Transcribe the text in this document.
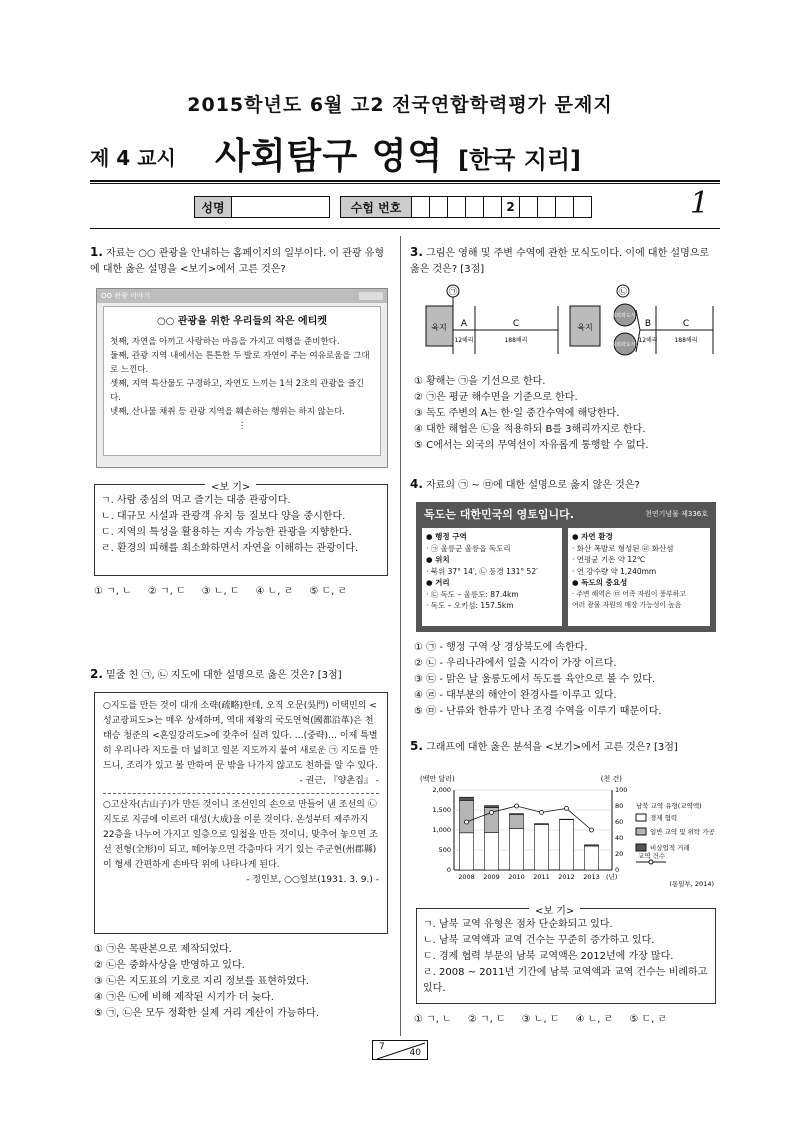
2015학년도 6월 고2 전국연합학력평가 문제지
제 4 교시 사회탐구 영역 [한국 지리]
성명	수험 번호	2	1
1. 자료는 ○○ 관광을 안내하는 홈페이지의 일부이다. 이 관광 유형에 대한 옳은 설명을 <보기>에서 고른 것은?
OO 관광 이야기
○○ 관광을 위한 우리들의 작은 에티켓
첫째, 자연을 아끼고 사랑하는 마음을 가지고 여행을 준비한다.
둘째, 관광 지역 내에서는 튼튼한 두 발로 자연이 주는 여유로움을 그대로 느낀다.
셋째, 지역 특산물도 구경하고, 자연도 느끼는 1석 2조의 관광을 즐긴다.
넷째, 산나물 채취 등 관광 지역을 훼손하는 행위는 하지 않는다.
⋮
<보 기>
ㄱ. 사람 중심의 먹고 즐기는 대중 관광이다.
ㄴ. 대규모 시설과 관광객 유치 등 질보다 양을 중시한다.
ㄷ. 지역의 특성을 활용하는 지속 가능한 관광을 지향한다.
ㄹ. 환경의 피해를 최소화하면서 자연을 이해하는 관광이다.
① ㄱ, ㄴ ② ㄱ, ㄷ ③ ㄴ, ㄷ ④ ㄴ, ㄹ ⑤ ㄷ, ㄹ
2. 밑줄 친 ㉠, ㉡ 지도에 대한 설명으로 옳은 것은? [3점]
○지도를 만든 것이 대개 소략(疏略)한데, 오직 오문(吳門) 이택민의 <성교광피도>는 매우 상세하며, 역대 제왕의 국도연혁(國都沿革)은 천태승 청준의 <혼일강리도>에 갖추어 실려 있다. …(중략)… 이제 특별히 우리나라 지도를 더 넓히고 일본 지도까지 붙여 새로운 ㉠ 지도를 만드니, 조리가 있고 볼 만하여 문 밖을 나가지 않고도 천하를 알 수 있다.
- 권근, 『양촌집』 -
○고산자(古山子)가 만든 것이니 조선인의 손으로 만들어 낸 조선의 ㉡ 지도로 지금에 이르러 대성(大成)을 이룬 것이다. 온성부터 제주까지 22층을 나누어 가지고 일층으로 일첩을 만든 것이니, 맞추어 놓으면 조선 전형(全形)이 되고, 떼어놓으면 각층마다 거기 있는 주군현(州郡縣)이 형세 간편하게 손바닥 위에 나타나게 된다.
- 정인보, ○○일보(1931. 3. 9.) -
① ㉠은 목판본으로 제작되었다.
② ㉡은 중화사상을 반영하고 있다.
③ ㉡은 지도표의 기호로 지리 정보를 표현하였다.
④ ㉠은 ㉡에 비해 제작된 시기가 더 늦다.
⑤ ㉠, ㉡은 모두 정확한 실제 거리 계산이 가능하다.
3. 그림은 영해 및 주변 수역에 관한 모식도이다. 이에 대한 설명으로 옳은 것은? [3점]
㉠
육지 A	C
12해리	188해리
㉡
육지
최외곽도서1
최외곽도서2
B	C
12해리	188해리
① 황해는 ㉠을 기선으로 한다.
② ㉠은 평균 해수면을 기준으로 한다.
③ 독도 주변의 A는 한·일 중간수역에 해당한다.
④ 대한 해협은 ㉡을 적용하되 B를 3해리까지로 한다.
⑤ C에서는 외국의 무역선이 자유롭게 통행할 수 없다.
4. 자료의 ㉠ ~ ㉤에 대한 설명으로 옳지 않은 것은?
독도는 대한민국의 영토입니다.	천연기념물 제336호
● 행정 구역
· ㉠ 울릉군 울릉읍 독도리
● 위치
· 북위 37° 14′, ㉡ 동경 131° 52′
● 거리
· ㉢ 독도 – 울릉도: 87.4km
· 독도 – 오키섬: 157.5km
● 자연 환경
· 화산 폭발로 형성된 ㉣ 화산섬
· 연평균 기온 약 12℃
· 연 강수량 약 1,240mm
● 독도의 중요성
· 주변 해역은 ㉤ 어족 자원이 풍부하고
여러 광물 자원의 매장 가능성이 높음
① ㉠ - 행정 구역 상 경상북도에 속한다.
② ㉡ - 우리나라에서 일출 시각이 가장 이르다.
③ ㉢ - 맑은 날 울릉도에서 독도를 육안으로 볼 수 있다.
④ ㉣ - 대부분의 해안이 완경사를 이루고 있다.
⑤ ㉤ - 난류와 한류가 만나 조경 수역을 이루기 때문이다.
5. 그래프에 대한 옳은 분석을 <보기>에서 고른 것은? [3점]
(백만 달러)	(천 건)
0
500
1,000
1,500
2,000
0
20
40
60
80
100
2008 2009 2010 2011 2012 2013 (년)
남북 교역 유형(교역액)
경제 협력
일반 교역 및 위탁 가공
비상업적 거래
교역 건수
(통일부, 2014)
<보 기>
ㄱ. 남북 교역 유형은 점차 단순화되고 있다.
ㄴ. 남북 교역액과 교역 건수는 꾸준히 증가하고 있다.
ㄷ. 경제 협력 부문의 남북 교역액은 2012년에 가장 많다.
ㄹ. 2008 ~ 2011년 기간에 남북 교역액과 교역 건수는 비례하고 있다.
① ㄱ, ㄴ ② ㄱ, ㄷ ③ ㄴ, ㄷ ④ ㄴ, ㄹ ⑤ ㄷ, ㄹ
7
40
